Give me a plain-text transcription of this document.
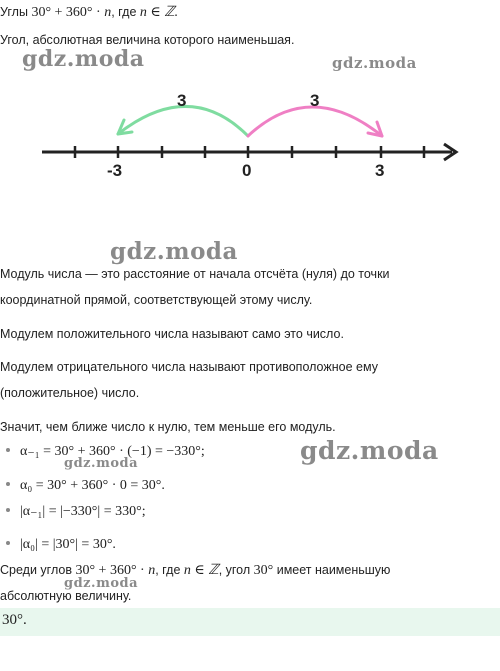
Углы 30° + 360° · n, где n ∈ ℤ.
Угол, абсолютная величина которого наименьшая.
gdz.moda	gdz.moda
3	3
-3	0	3
gdz.moda
Модуль числа — это расстояние от начала отсчёта (нуля) до точки
координатной прямой, соответствующей этому числу.
Модулем положительного числа называют само это число.
Модулем отрицательного числа называют противоположное ему
(положительное) число.
Значит, чем ближе число к нулю, тем меньше его модуль.
α₋₁ = 30° + 360° · (−1) = −330°;
gdz.moda	gdz.moda
α₀ = 30° + 360° · 0 = 30°.
|α₋₁| = |−330°| = 330°;
|α₀| = |30°| = 30°.
Среди углов 30° + 360° · n, где n ∈ ℤ, угол 30° имеет наименьшую
gdz.moda
абсолютную величину.
30°.
